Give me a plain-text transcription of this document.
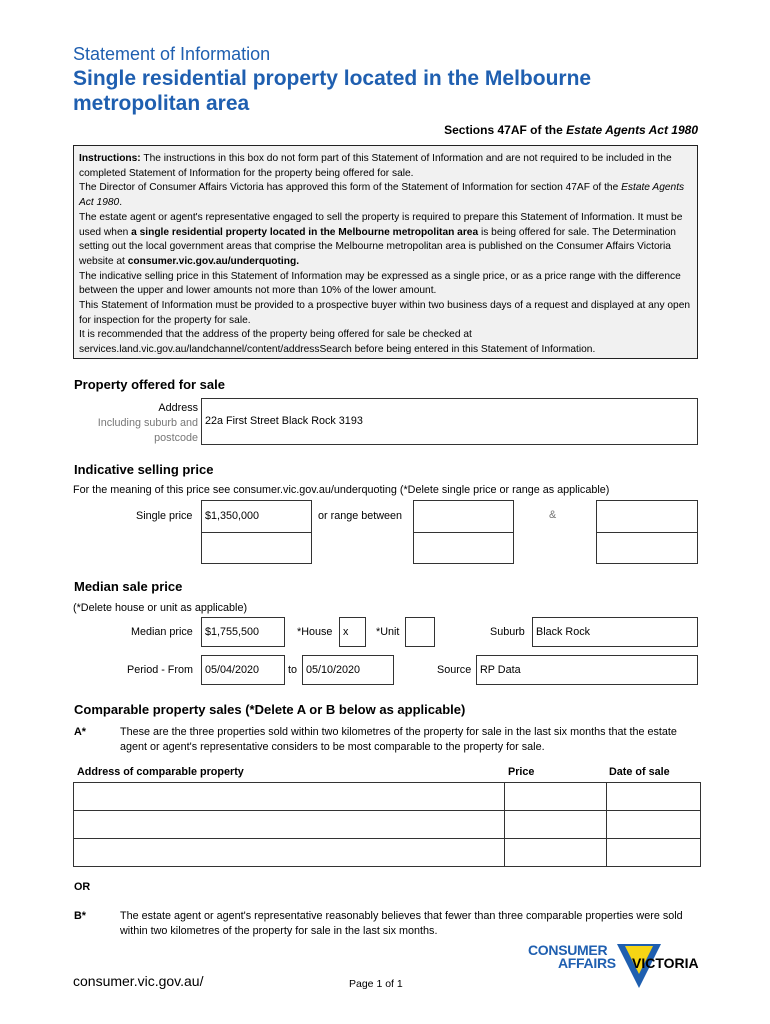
Statement of Information
Single residential property located in the Melbourne metropolitan area
Sections 47AF of the Estate Agents Act 1980

Instructions: The instructions in this box do not form part of this Statement of Information and are not required to be included in the completed Statement of Information for the property being offered for sale.

The Director of Consumer Affairs Victoria has approved this form of the Statement of Information for section 47AF of the Estate Agents Act 1980.

The estate agent or agent's representative engaged to sell the property is required to prepare this Statement of Information. It must be used when a single residential property located in the Melbourne metropolitan area is being offered for sale. The Determination setting out the local government areas that comprise the Melbourne metropolitan area is published on the Consumer Affairs Victoria website at consumer.vic.gov.au/underquoting.

The indicative selling price in this Statement of Information may be expressed as a single price, or as a price range with the difference between the upper and lower amounts not more than 10% of the lower amount.

This Statement of Information must be provided to a prospective buyer within two business days of a request and displayed at any open for inspection for the property for sale.

It is recommended that the address of the property being offered for sale be checked at services.land.vic.gov.au/landchannel/content/addressSearch before being entered in this Statement of Information.

Property offered for sale
Address
Including suburb and
postcode
22a First Street Black Rock 3193
Indicative selling price
For the meaning of this price see consumer.vic.gov.au/underquoting (*Delete single price or range as applicable)
Single price	$1,350,000	or range between	&
Median sale price
(*Delete house or unit as applicable)
Median price	$1,755,500	*House x	*Unit	Suburb	Black Rock
Period - From	05/04/2020	to 05/10/2020	Source RP Data
Comparable property sales (*Delete A or B below as applicable)
A*	These are the three properties sold within two kilometres of the property for sale in the last six months that the estate agent or agent's representative considers to be most comparable to the property for sale.
Address of comparable property	Price	Date of sale

OR
B*	The estate agent or agent's representative reasonably believes that fewer than three comparable properties were sold within two kilometres of the property for sale in the last six months.
consumer.vic.gov.au/	Page 1 of 1
CONSUMER
AFFAIRS VICTORIA
